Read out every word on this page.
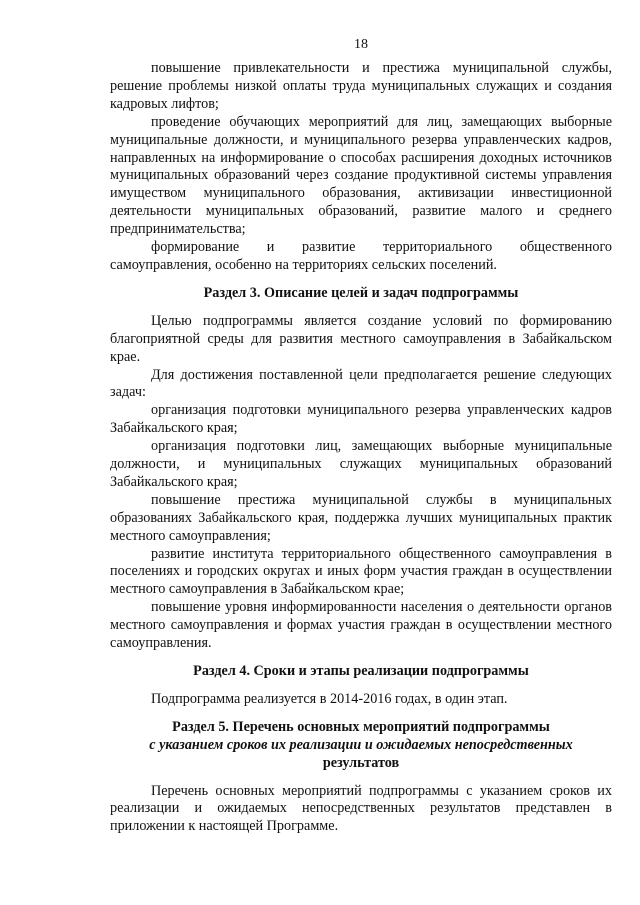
18

повышение привлекательности и престижа муниципальной службы, решение проблемы низкой оплаты труда муниципальных служащих и создания кадровых лифтов;

проведение обучающих мероприятий для лиц, замещающих выборные муниципальные должности, и муниципального резерва управленческих кадров, направленных на информирование о способах расширения доходных источников муниципальных образований через создание продуктивной системы управления имуществом муниципального образования, активизации инвестиционной деятельности муниципальных образований, развитие малого и среднего предпринимательства;

формирование и развитие территориального общественного самоуправления, особенно на территориях сельских поселений.

Раздел 3. Описание целей и задач подпрограммы

Целью подпрограммы является создание условий по формированию благоприятной среды для развития местного самоуправления в Забайкальском крае.

Для достижения поставленной цели предполагается решение следующих задач:

организация подготовки муниципального резерва управленческих кадров Забайкальского края;

организация подготовки лиц, замещающих выборные муниципальные должности, и муниципальных служащих муниципальных образований Забайкальского края;

повышение престижа муниципальной службы в муниципальных образованиях Забайкальского края, поддержка лучших муниципальных практик местного самоуправления;

развитие института территориального общественного самоуправления в поселениях и городских округах и иных форм участия граждан в осуществлении местного самоуправления в Забайкальском крае;

повышение уровня информированности населения о деятельности органов местного самоуправления и формах участия граждан в осуществлении местного самоуправления.

Раздел 4. Сроки и этапы реализации подпрограммы

Подпрограмма реализуется в 2014-2016 годах, в один этап.

Раздел 5. Перечень основных мероприятий подпрограммы
с указанием сроков их реализации и ожидаемых непосредственных
результатов

Перечень основных мероприятий подпрограммы с указанием сроков их реализации и ожидаемых непосредственных результатов представлен в приложении к настоящей Программе.
